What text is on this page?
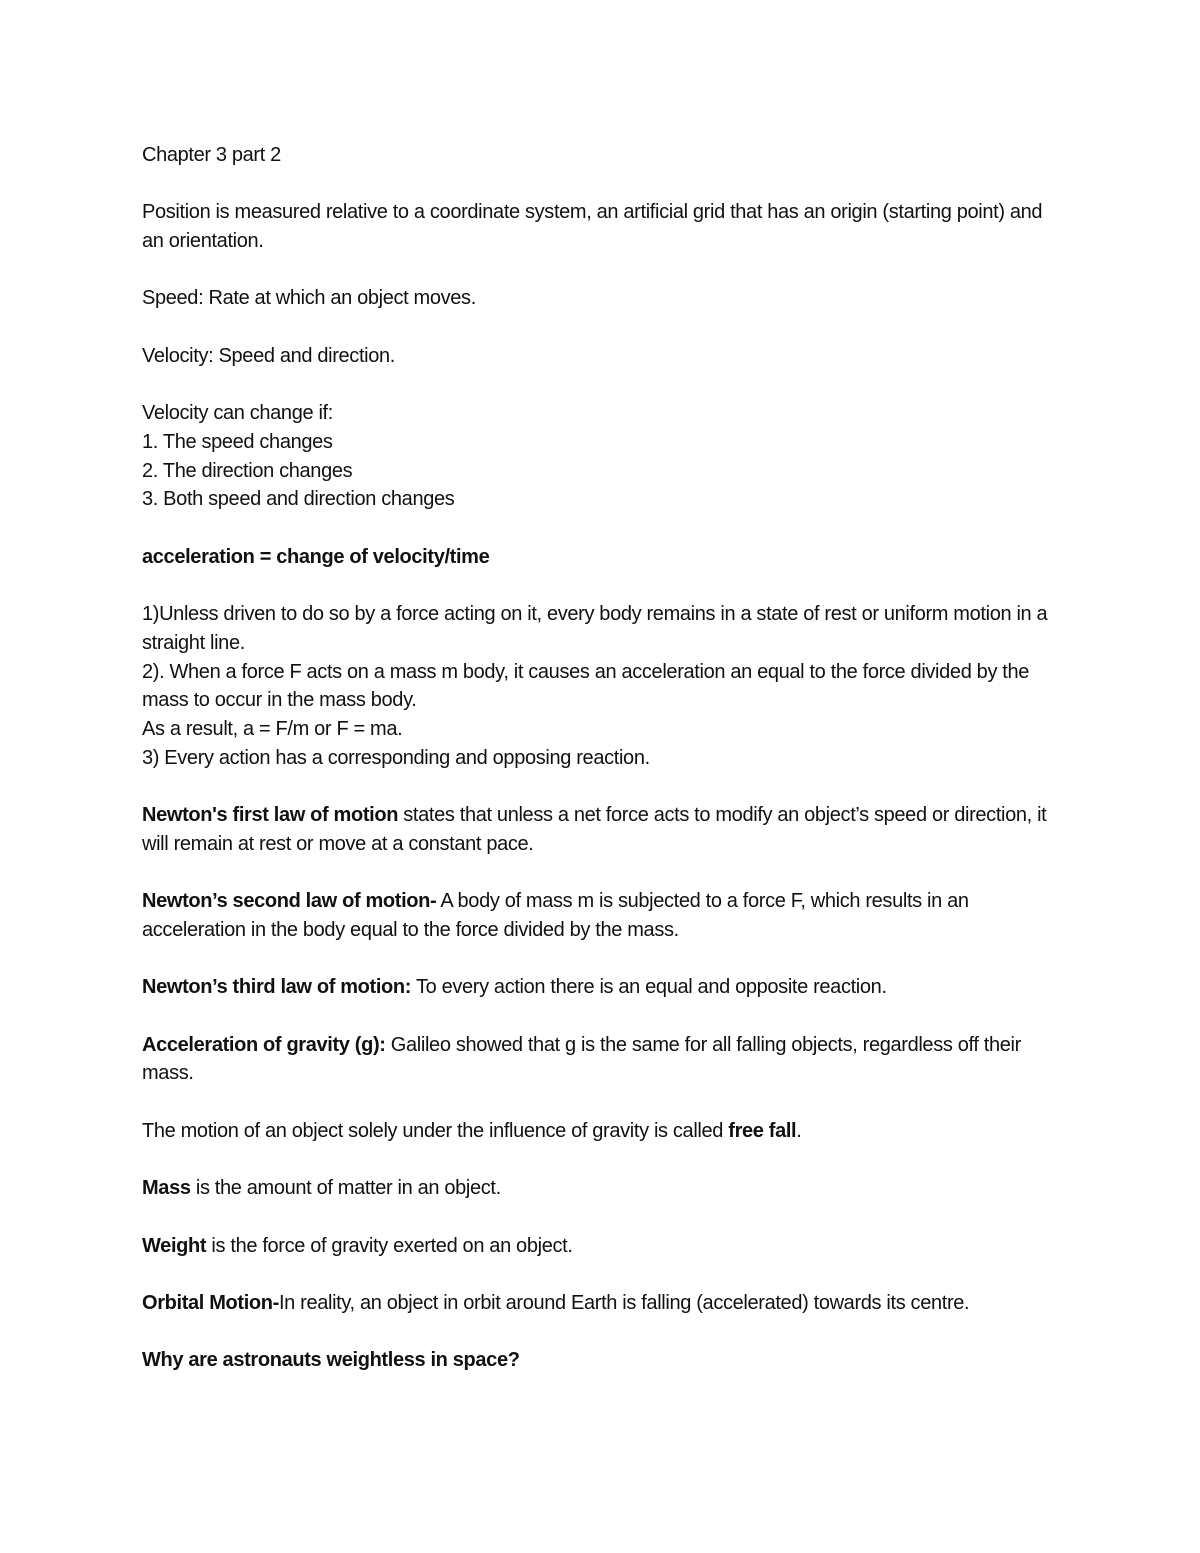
Chapter 3 part 2

Position is measured relative to a coordinate system, an artificial grid that has an origin (starting point) and an orientation.

Speed: Rate at which an object moves.

Velocity: Speed and direction.

Velocity can change if:

1. The speed changes

2. The direction changes

3. Both speed and direction changes

acceleration = change of velocity/time

1)Unless driven to do so by a force acting on it, every body remains in a state of rest or uniform motion in a straight line.

2). When a force F acts on a mass m body, it causes an acceleration an equal to the force divided by the mass to occur in the mass body.

As a result, a = F/m or F = ma.

3) Every action has a corresponding and opposing reaction.

Newton's first law of motion states that unless a net force acts to modify an object’s speed or direction, it will remain at rest or move at a constant pace.

Newton’s second law of motion- A body of mass m is subjected to a force F, which results in an acceleration in the body equal to the force divided by the mass.

Newton’s third law of motion: To every action there is an equal and opposite reaction.

Acceleration of gravity (g): Galileo showed that g is the same for all falling objects, regardless off their mass.

The motion of an object solely under the influence of gravity is called free fall.

Mass is the amount of matter in an object.

Weight is the force of gravity exerted on an object.

Orbital Motion-In reality, an object in orbit around Earth is falling (accelerated) towards its centre.

Why are astronauts weightless in space?
